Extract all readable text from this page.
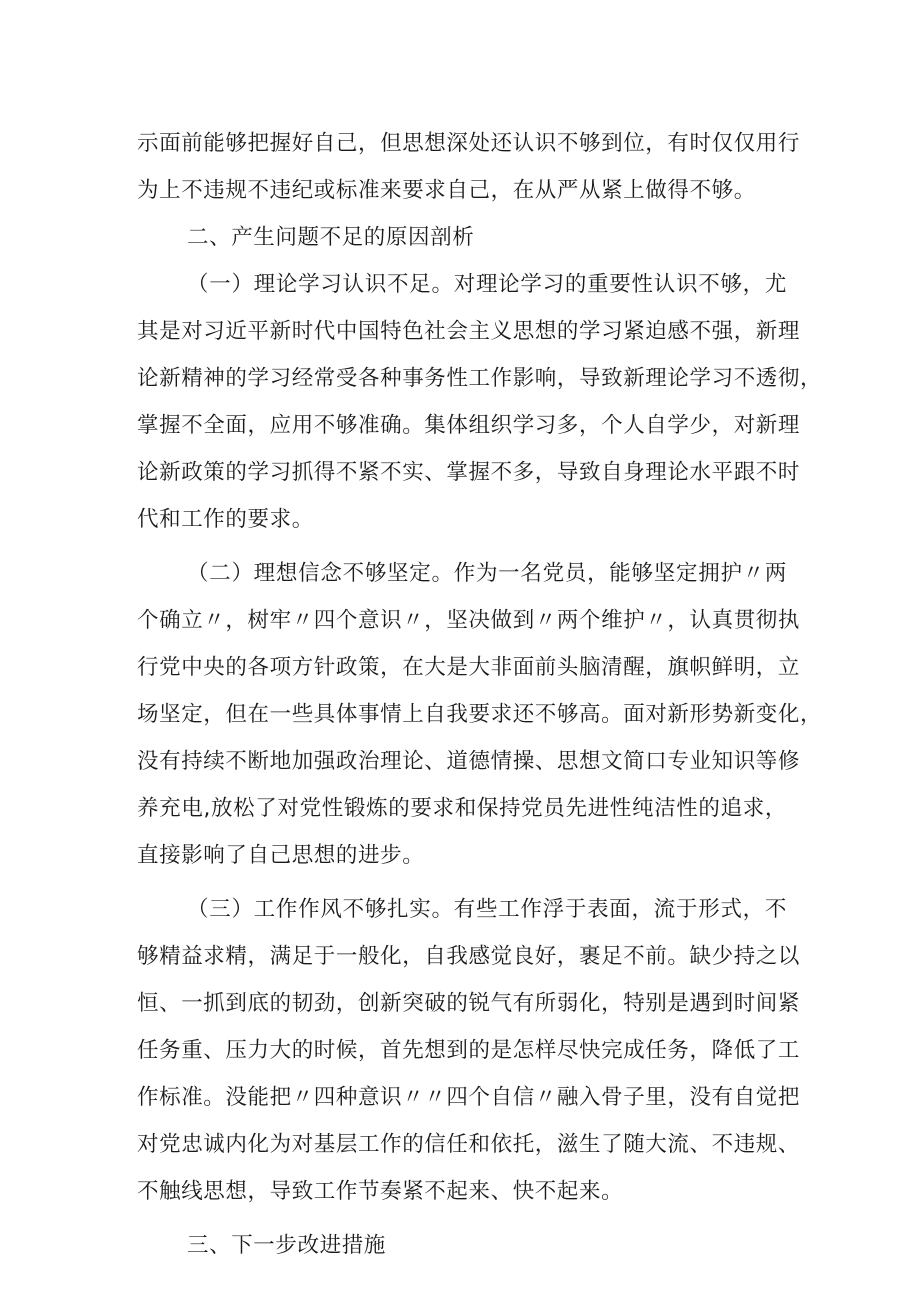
示面前能够把握好自己，但思想深处还认识不够到位，有时仅仅用行
为上不违规不违纪或标准来要求自己，在从严从紧上做得不够。
二、产生问题不足的原因剖析
（一）理论学习认识不足。对理论学习的重要性认识不够，尤
其是对习近平新时代中国特色社会主义思想的学习紧迫感不强，新理
论新精神的学习经常受各种事务性工作影响，导致新理论学习不透彻，
掌握不全面，应用不够准确。集体组织学习多，个人自学少，对新理
论新政策的学习抓得不紧不实、掌握不多，导致自身理论水平跟不时
代和工作的要求。
（二）理想信念不够坚定。作为一名党员，能够坚定拥护〃两
个确立〃，树牢〃四个意识〃，坚决做到〃两个维护〃，认真贯彻执
行党中央的各项方针政策，在大是大非面前头脑清醒，旗帜鲜明，立
场坚定，但在一些具体事情上自我要求还不够高。面对新形势新变化，
没有持续不断地加强政治理论、道德情操、思想文简口专业知识等修
养充电,放松了对党性锻炼的要求和保持党员先进性纯洁性的追求，
直接影响了自己思想的进步。
（三）工作作风不够扎实。有些工作浮于表面，流于形式，不
够精益求精，满足于一般化，自我感觉良好，裹足不前。缺少持之以
恒、一抓到底的韧劲，创新突破的锐气有所弱化，特别是遇到时间紧
任务重、压力大的时候，首先想到的是怎样尽快完成任务，降低了工
作标准。没能把〃四种意识〃〃四个自信〃融入骨子里，没有自觉把
对党忠诚内化为对基层工作的信任和依托，滋生了随大流、不违规、
不触线思想，导致工作节奏紧不起来、快不起来。
三、下一步改进措施
